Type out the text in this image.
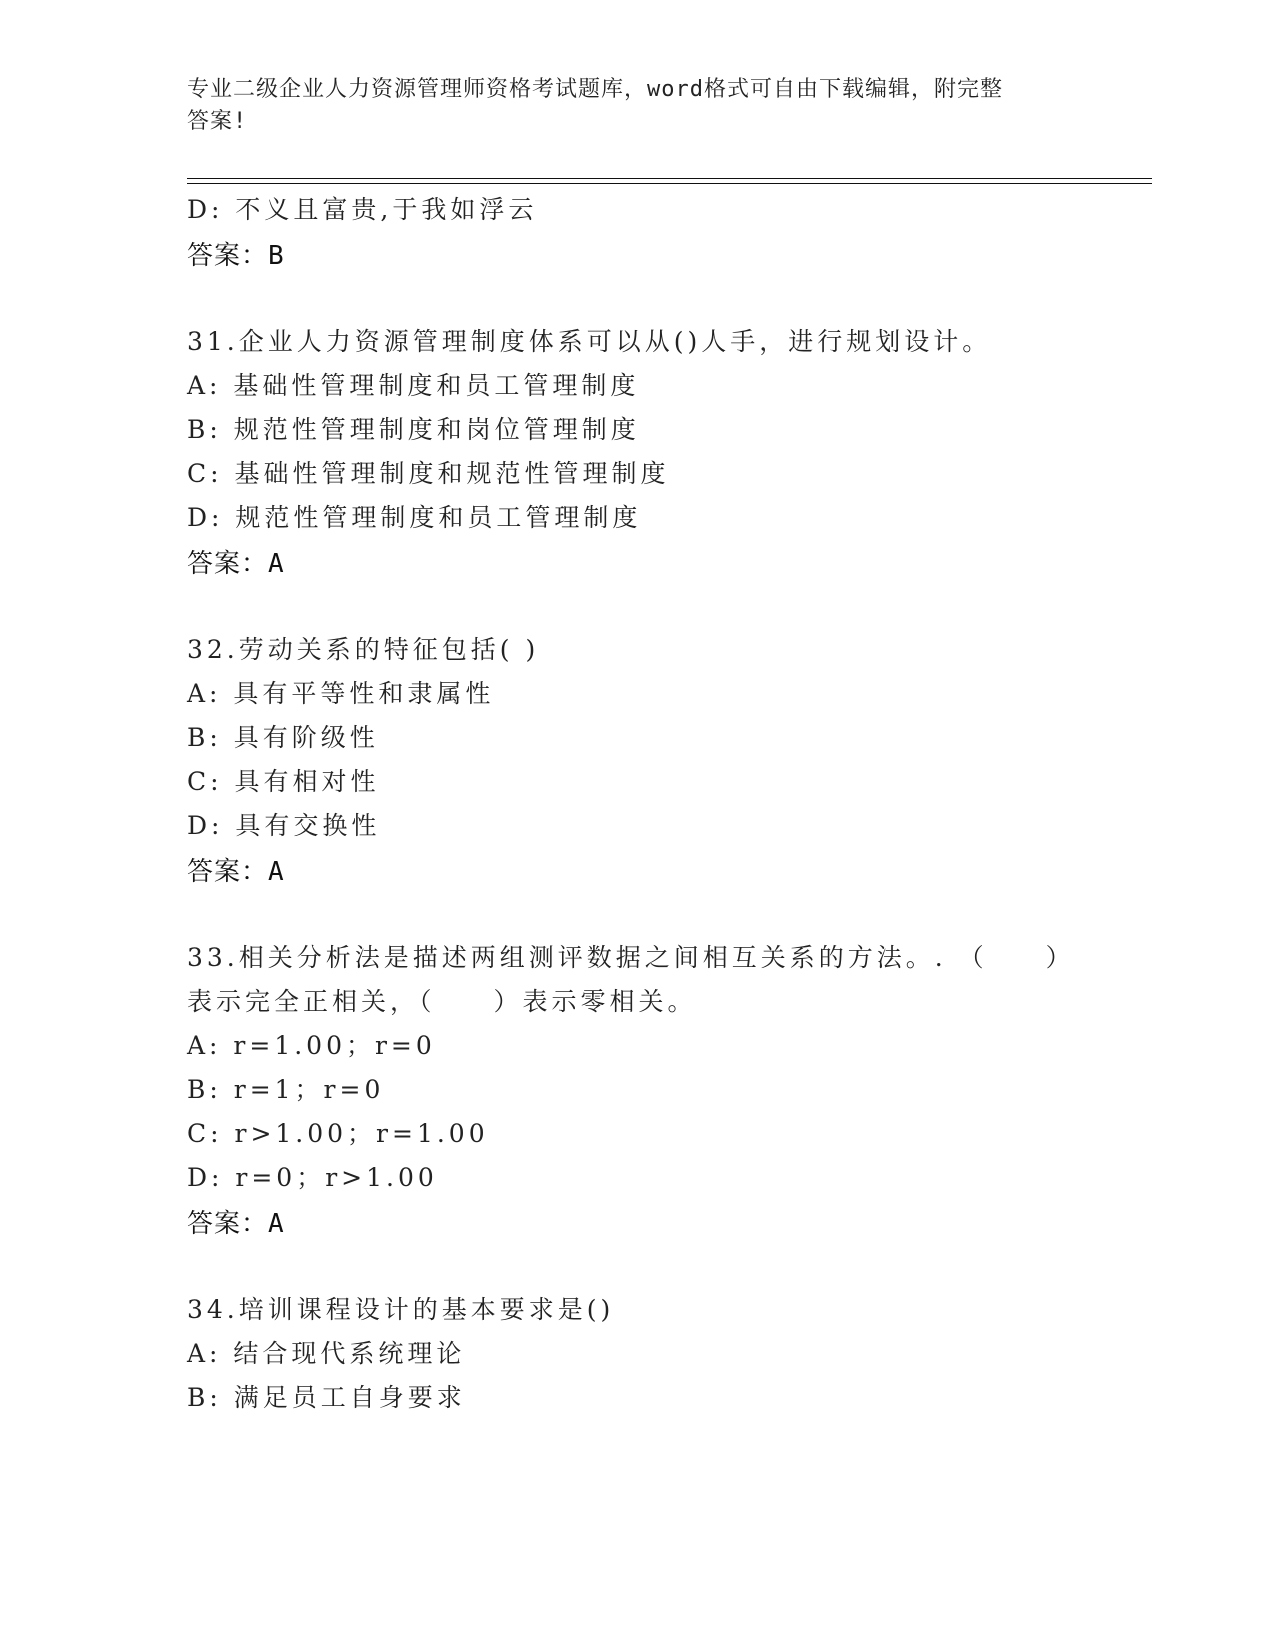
专业二级企业人力资源管理师资格考试题库，word格式可自由下载编辑，附完整
答案!
D: 不义且富贵,于我如浮云
答案：B
31.企业人力资源管理制度体系可以从()人手，进行规划设计。
A: 基础性管理制度和员工管理制度
B: 规范性管理制度和岗位管理制度
C: 基础性管理制度和规范性管理制度
D: 规范性管理制度和员工管理制度
答案：A
32.劳动关系的特征包括( )
A: 具有平等性和隶属性
B: 具有阶级性
C: 具有相对性
D: 具有交换性
答案：A
33.相关分析法是描述两组测评数据之间相互关系的方法。. （　　）
表示完全正相关，（　　）表示零相关。
A: r=1.00；r=0
B: r=1；r=0
C: r>1.00；r=1.00
D: r=0；r>1.00
答案：A
34.培训课程设计的基本要求是()
A: 结合现代系统理论
B: 满足员工自身要求
